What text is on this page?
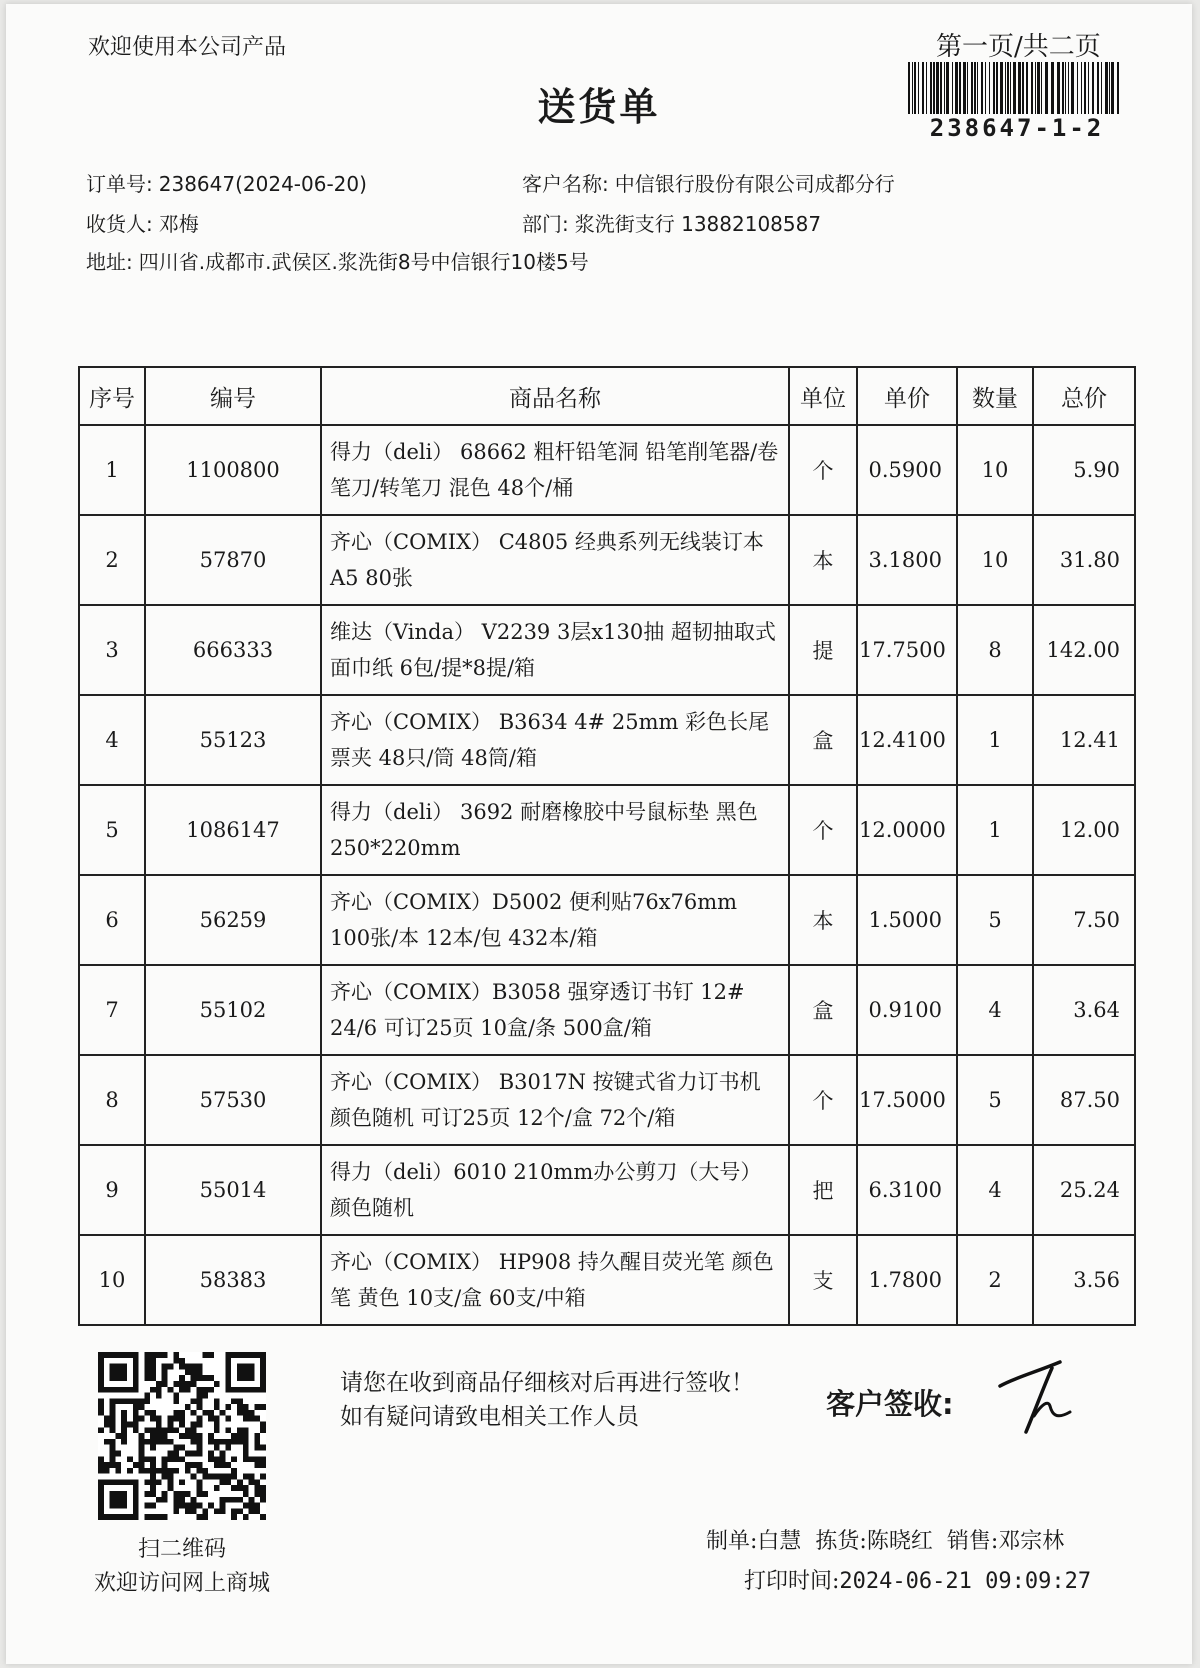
欢迎使用本公司产品	第一页/共二页
送货单	238647-1-2
订单号: 238647(2024-06-20)	客户名称: 中信银行股份有限公司成都分行
收货人: 邓梅	部门: 浆洗街支行 13882108587
地址: 四川省.成都市.武侯区.浆洗街8号中信银行10楼5号
序号	编号	商品名称	单位	单价	数量	总价
1	1100800	得力（deli） 68662 粗杆铅笔洞 铅笔削笔器/卷笔刀/转笔刀 混色 48个/桶	个	0.5900	10	5.90
2	57870	齐心（COMIX） C4805 经典系列无线装订本 A5 80张	本	3.1800	10	31.80
3	666333	维达（Vinda） V2239 3层x130抽 超韧抽取式面巾纸 6包/提*8提/箱	提	17.7500	8	142.00
4	55123	齐心（COMIX） B3634 4# 25mm 彩色长尾票夹 48只/筒 48筒/箱	盒	12.4100	1	12.41
5	1086147	得力（deli） 3692 耐磨橡胶中号鼠标垫 黑色 250*220mm	个	12.0000	1	12.00
6	56259	齐心（COMIX）D5002 便利贴76x76mm 100张/本 12本/包 432本/箱	本	1.5000	5	7.50
7	55102	齐心（COMIX）B3058 强穿透订书钉 12# 24/6 可订25页 10盒/条 500盒/箱	盒	0.9100	4	3.64
8	57530	齐心（COMIX） B3017N 按键式省力订书机 颜色随机 可订25页 12个/盒 72个/箱	个	17.5000	5	87.50
9	55014	得力（deli）6010 210mm办公剪刀（大号） 颜色随机	把	6.3100	4	25.24
10	58383	齐心（COMIX） HP908 持久醒目荧光笔 颜色笔 黄色 10支/盒 60支/中箱	支	1.7800	2	3.56
扫二维码
欢迎访问网上商城
请您在收到商品仔细核对后再进行签收！如有疑问请致电相关工作人员	客户签收:
制单:白慧 拣货:陈晓红 销售:邓宗林
打印时间:2024-06-21 09:09:27
